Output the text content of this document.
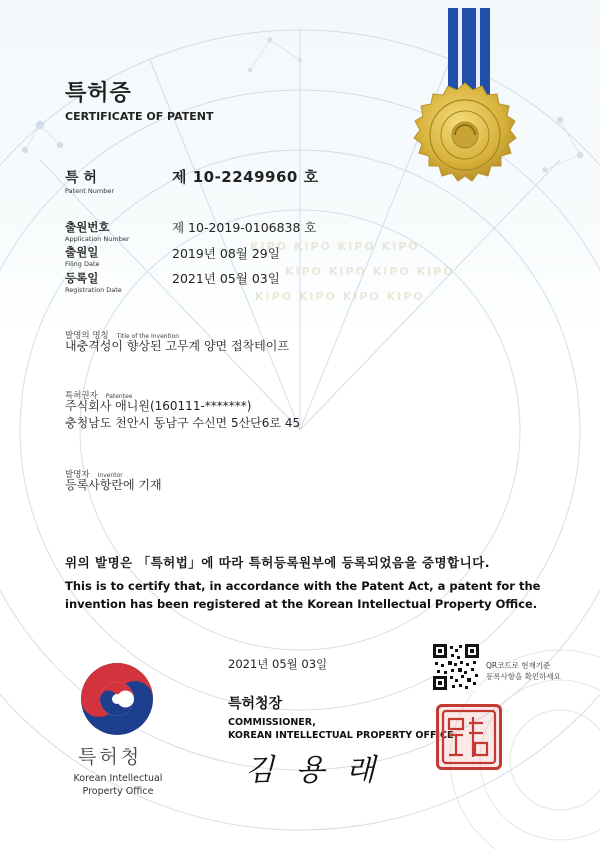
KIPO KIPO KIPO KIPO
KIPO KIPO KIPO KIPO
KIPO KIPO KIPO KIPO
특허증
CERTIFICATE OF PATENT
특 허
Patent Number
제 10-2249960 호
출원번호
Application Number
제 10-2019-0106838 호
출원일
Filing Date
2019년 08월 29일
등록일
Registration Date
2021년 05월 03일
발명의 명칭 Title of the Invention
내충격성이 향상된 고무계 양면 접착테이프
특허권자 Patentee
주식회사 애니원(160111-*******)
충청남도 천안시 동남구 수신면 5산단6로 45
발명자 Inventor
등록사항란에 기재
위의 발명은 「특허법」에 따라 특허등록원부에 등록되었음을 증명합니다.
This is to certify that, in accordance with the Patent Act, a patent for the
invention has been registered at the Korean Intellectual Property Office.
2021년 05월 03일	QR코드로 현재기준
등록사항을 확인하세요
특허청
Korean Intellectual
Property Office
특허청장
COMMISSIONER,
KOREAN INTELLECTUAL PROPERTY OFFICE
김 용 래
